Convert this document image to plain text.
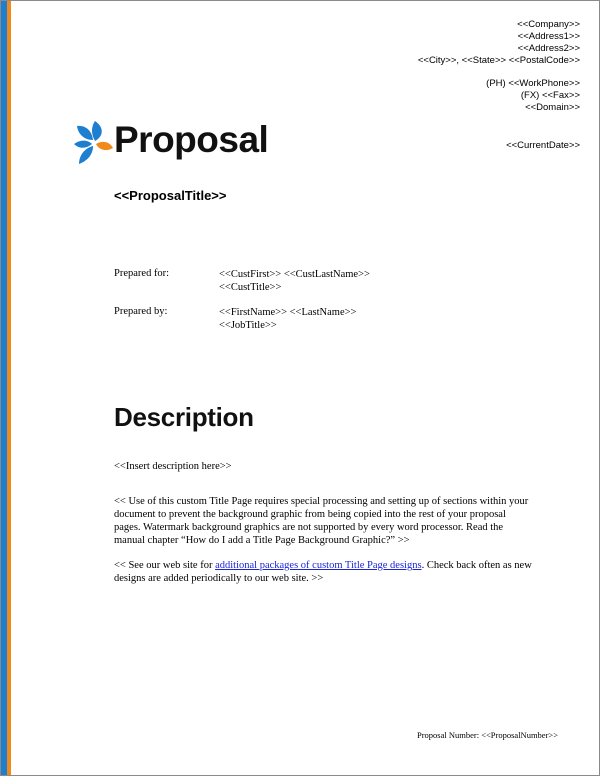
<<Company>>
<<Address1>>
<<Address2>>
<<City>>, <<State>> <<PostalCode>>
(PH) <<WorkPhone>>
(FX) <<Fax>>
<<Domain>>
<<CurrentDate>>
Proposal
<<ProposalTitle>>
Prepared for:	<<CustFirst>> <<CustLastName>>
<<CustTitle>>
Prepared by:	<<FirstName>> <<LastName>>
<<JobTitle>>
Description
<<Insert description here>>
<< Use of this custom Title Page requires special processing and setting up of sections within your document to prevent the background graphic from being copied into the rest of your proposal pages. Watermark background graphics are not supported by every word processor. Read the manual chapter “How do I add a Title Page Background Graphic?” >>
<< See our web site for additional packages of custom Title Page designs. Check back often as new designs are added periodically to our web site. >>
Proposal Number: <<ProposalNumber>>
